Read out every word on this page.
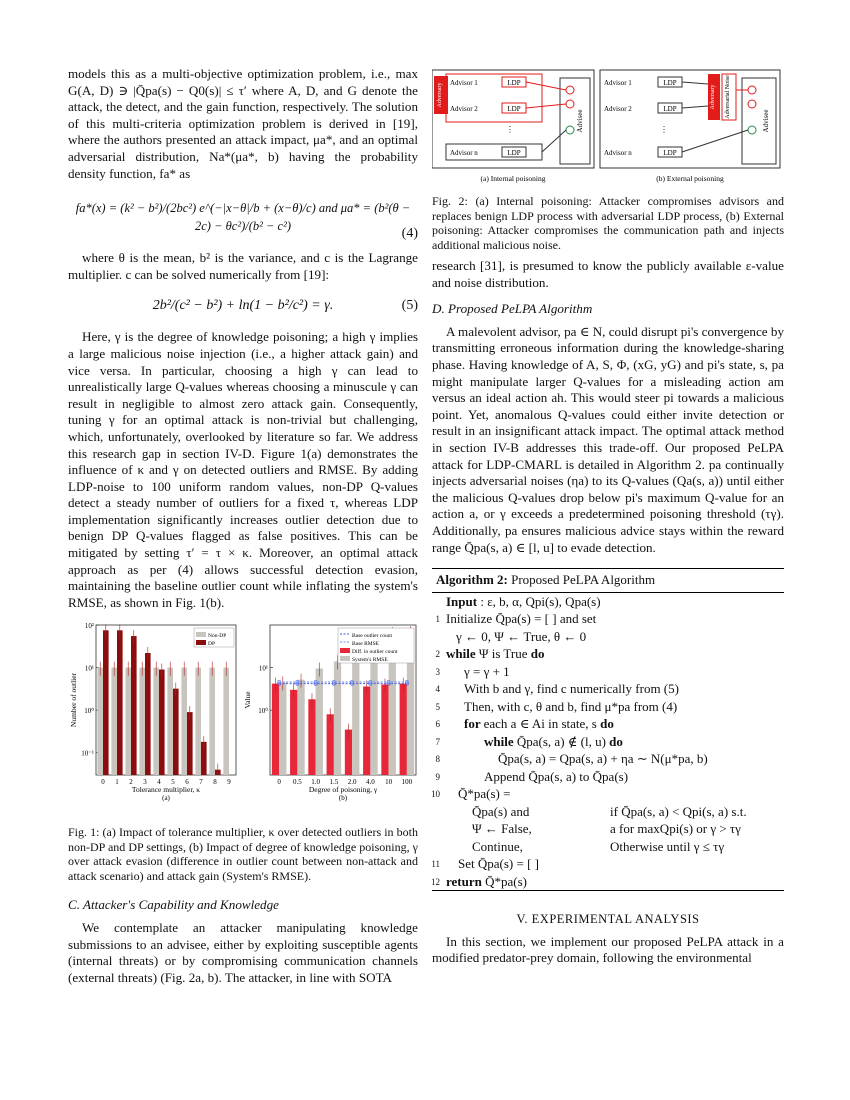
models this as a multi-objective optimization problem, i.e., max G(A, D) ∋ |Q̄pa(s) − Q0(s)| ≤ τ′ where A, D, and G denote the attack, the detect, and the gain function, respectively. The solution of this multi-criteria optimization problem is derived in [19], where the authors presented an attack impact, μa*, and an optimal adversarial distribution, Na*(μa*, b) having the probability density function, fa* as

fa*(x) = (k² − b²)/(2bc²) e^(−|x−θ|/b + (x−θ)/c) and μa* = (b²(θ − 2c) − θc²)/(b² − c²)
(4)

where θ is the mean, b² is the variance, and c is the Lagrange multiplier. c can be solved numerically from [19]:

2b²/(c² − b²) + ln(1 − b²/c²) = γ.	(5)

Here, γ is the degree of knowledge poisoning; a high γ implies a large malicious noise injection (i.e., a higher attack gain) and vice versa. In particular, choosing a high γ can lead to unrealistically large Q-values whereas choosing a minuscule γ can result in negligible to almost zero attack gain. Consequently, tuning γ for an optimal attack is non-trivial but challenging, which, unfortunately, overlooked by literature so far. We address this research gap in section IV-D. Figure 1(a) demonstrates the influence of κ and γ on detected outliers and RMSE. By adding LDP-noise to 100 uniform random values, non-DP Q-values detect a steady number of outliers for a fixed τ, whereas LDP implementation significantly increases outlier detection due to benign DP Q-values flagged as false positives. This can be mitigated by setting τ′ = τ × κ. Moreover, an optimal attack approach as per (4) allows successful detection evasion, maintaining the baseline outlier count while inflating the system's RMSE, as shown in Fig. 1(b).

10⁻¹
10⁰
10¹
10²
0 1 2 3 4 5 6 7 8 9
Non-DP
DP
Tolerance multiplier, κ
(a)
Number of outlier	10⁰
10¹
0 0.5 1.0 1.5 2.0 4.0 10 100
Base outlier count
Base RMSE
Diff. in outlier count
System's RMSE
Degree of poisoning, γ
(b)
Value

Fig. 1: (a) Impact of tolerance multiplier, κ over detected outliers in both non-DP and DP settings, (b) Impact of degree of knowledge poisoning, γ over attack evasion (difference in outlier count between non-attack and attack scenario) and attack gain (System's RMSE).

C. Attacker's Capability and Knowledge

We contemplate an attacker manipulating knowledge submissions to an advisee, either by exploiting susceptible agents (internal threats) or by compromising communication channels (external threats) (Fig. 2a, b). The attacker, in line with SOTA

Adversary Advisor 1	LDP
Advisor 2	LDP
⋮
Advisor n	LDP
Advisee
Advisor 1	LDP
Advisor 2	LDP
⋮
Advisor n	LDP
Adversary Adversarial Noise
Advisee
(a) Internal poisoning	(b) External poisoning

Fig. 2: (a) Internal poisoning: Attacker compromises advisors and replaces benign LDP process with adversarial LDP process, (b) External poisoning: Attacker compromises the communication path and injects additional malicious noise.

research [31], is presumed to know the publicly available ε-value and noise distribution.

D. Proposed PeLPA Algorithm

A malevolent advisor, pa ∈ N, could disrupt pi's convergence by transmitting erroneous information during the knowledge-sharing phase. Having knowledge of A, S, Φ, (xG, yG) and pi's state, s, pa might manipulate larger Q-values for a misleading action am versus an ideal action ah. This would steer pi towards a malicious point. Yet, anomalous Q-values could either invite detection or result in an insignificant attack impact. The optimal attack method in section IV-B addresses this trade-off. Our proposed PeLPA attack for LDP-CMARL is detailed in Algorithm 2. pa continually injects adversarial noises (ηa) to its Q-values (Qa(s, a)) until either the malicious Q-values drop below pi's maximum Q-value for an action a, or γ exceeds a predetermined poisoning threshold (τγ). Additionally, pa ensures malicious advice stays within the reward range Q̄pa(s, a) ∈ [l, u] to evade detection.

Algorithm 2: Proposed PeLPA Algorithm
Input : ε, b, α, Qpi(s), Qpa(s)
1 Initialize Q̄pa(s) = [ ] and set
γ ← 0, Ψ ← True, θ ← 0
2 while Ψ is True do
3 γ = γ + 1
4 With b and γ, find c numerically from (5)
5 Then, with c, θ and b, find μ*pa from (4)
6 for each a ∈ Ai in state, s do
7	while Q̄pa(s, a) ∉ (l, u) do
8	Q̄pa(s, a) = Qpa(s, a) + ηa ∼ N(μ*pa, b)
9	Append Q̄pa(s, a) to Q̄pa(s)
10 Q̄*pa(s) =
Q̄pa(s) and	if Q̄pa(s, a) < Qpi(s, a) s.t.
Ψ ← False,	a for maxQpi(s) or γ > τγ
Continue,	Otherwise until γ ≤ τγ
11 Set Q̄pa(s) = [ ]
12 return Q̄*pa(s)
V. EXPERIMENTAL ANALYSIS

In this section, we implement our proposed PeLPA attack in a modified predator-prey domain, following the environmental
